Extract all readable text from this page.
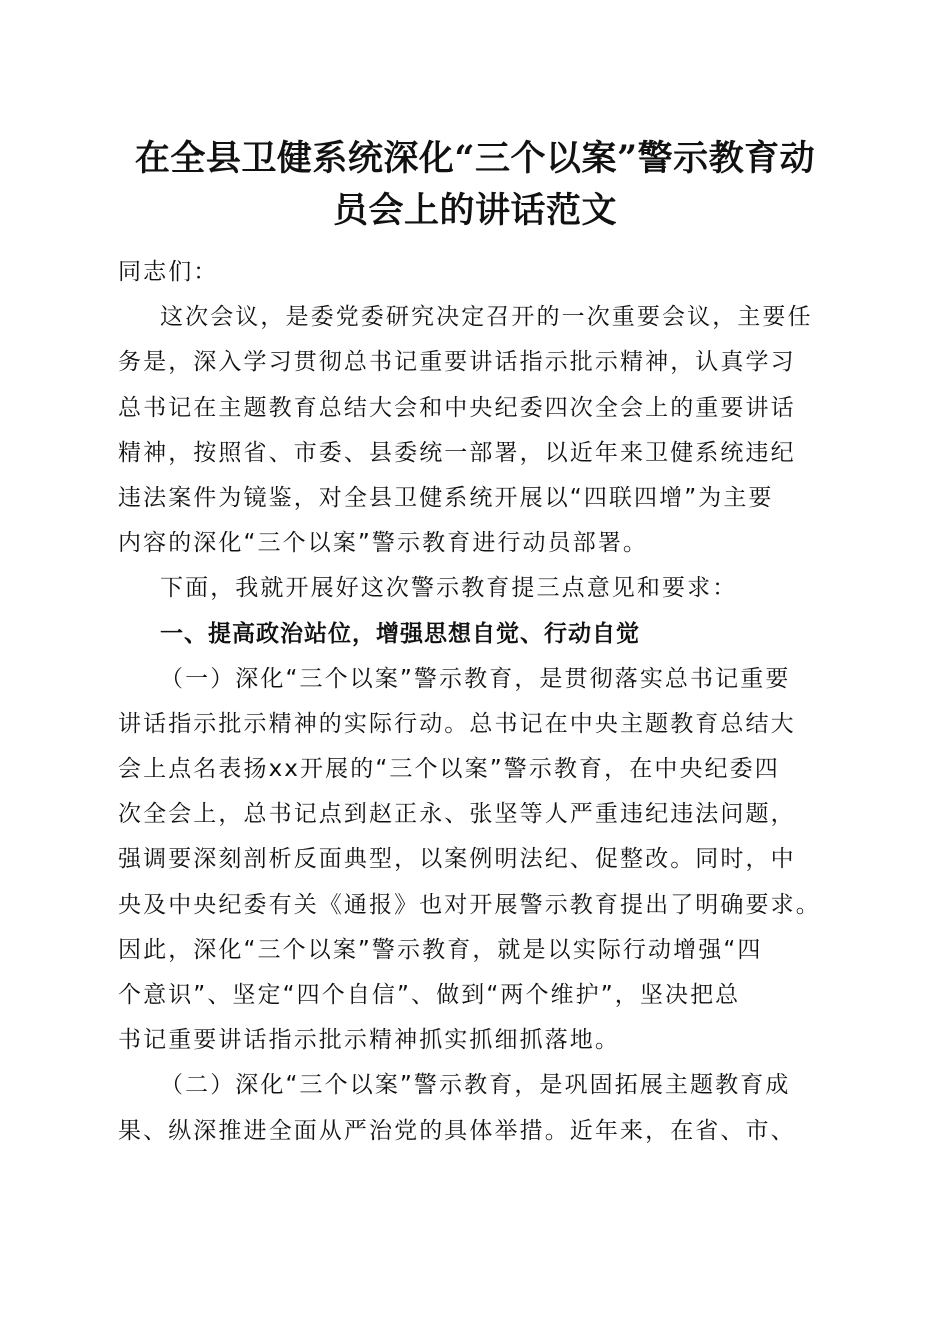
在全县卫健系统深化“三个以案”警示教育动
员会上的讲话范文
同志们：
这次会议，是委党委研究决定召开的一次重要会议，主要任
务是，深入学习贯彻总书记重要讲话指示批示精神，认真学习
总书记在主题教育总结大会和中央纪委四次全会上的重要讲话
精神，按照省、市委、县委统一部署，以近年来卫健系统违纪
违法案件为镜鉴，对全县卫健系统开展以“四联四增”为主要
内容的深化“三个以案”警示教育进行动员部署。
下面，我就开展好这次警示教育提三点意见和要求：
一、提高政治站位，增强思想自觉、行动自觉
（一）深化“三个以案”警示教育，是贯彻落实总书记重要
讲话指示批示精神的实际行动。总书记在中央主题教育总结大
会上点名表扬xx开展的“三个以案”警示教育，在中央纪委四
次全会上，总书记点到赵正永、张坚等人严重违纪违法问题，
强调要深刻剖析反面典型，以案例明法纪、促整改。同时，中
央及中央纪委有关《通报》也对开展警示教育提出了明确要求。
因此，深化“三个以案”警示教育，就是以实际行动增强“四
个意识”、坚定“四个自信”、做到“两个维护”，坚决把总
书记重要讲话指示批示精神抓实抓细抓落地。
（二）深化“三个以案”警示教育，是巩固拓展主题教育成
果、纵深推进全面从严治党的具体举措。近年来，在省、市、
